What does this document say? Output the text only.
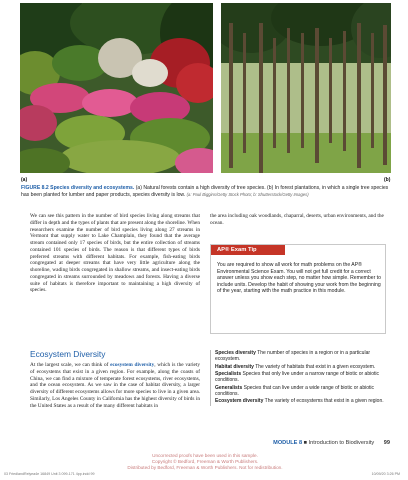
(a)	(b)
FIGURE 8.2 Species diversity and ecosystems. (a) Natural forests contain a high diversity of tree species. (b) In forest plantations, in which a single tree species has been planted for lumber and paper products, species diversity is low. (a: Paul Biggins/Getty Stock Photo; b: Shutterstock/Getty Images)
We can see this pattern in the number of bird species living along streams that differ in depth and the types of plants that are present along the shoreline. When researchers examine the number of bird species living along 27 streams in Vermont that supply water to Lake Champlain, they found that the average stream contained only 17 species of birds, but the entire collection of streams contained 101 species of birds. The reason is that different types of birds preferred streams with different habitats. For example, fish-eating birds congregated at deeper streams that have very little agriculture along the shoreline, wading birds congregated in shallow streams, and insect-eating birds congregated in streams surrounded by meadows and forests. Having a diverse suite of habitats is therefore important to maintaining a high diversity of species.
the area including oak woodlands, chaparral, deserts, urban environments, and the ocean.
AP® Exam Tip
You are required to show all work for math problems on the AP® Environmental Science Exam. You will not get full credit for a correct answer unless you show each step, no matter how simple. Remember to include units. Develop the habit of showing your work from the beginning of the year, starting with the math practice in this module.
Ecosystem Diversity
At the largest scale, we can think of ecosystem diversity, which is the variety of ecosystems that exist in a given region. For example, along the coasts of China, we can find a mixture of temperate forest ecosystems, river ecosystems, and the ocean ecosystem. As we saw in the case of habitat diversity, a larger diversity of different ecosystems allows for more species to live in a given area. Similarly, Los Angeles County in California has the highest diversity of birds in the United States as a result of the many different habitats in
Species diversity The number of species in a region or in a particular ecosystem.
Habitat diversity The variety of habitats that exist in a given ecosystem.
Specialists Species that only live under a narrow range of biotic or abiotic conditions.
Generalists Species that can live under a wide range of biotic or abiotic conditions.
Ecosystem diversity The variety of ecosystems that exist in a given region.
MODULE 8 ■ Introduction to Biodiversity 99
Uncorrected proofs have been used in this sample.
Copyright © Bedford, Freeman & Worth Publishers.
Distributed by Bedford, Freeman & Worth Publishers. Not for redistribution.
03 FriedlandRelyea4e 16849 Unit 3 099-171 4pp.indd 99	10/09/20 3:26 PM
